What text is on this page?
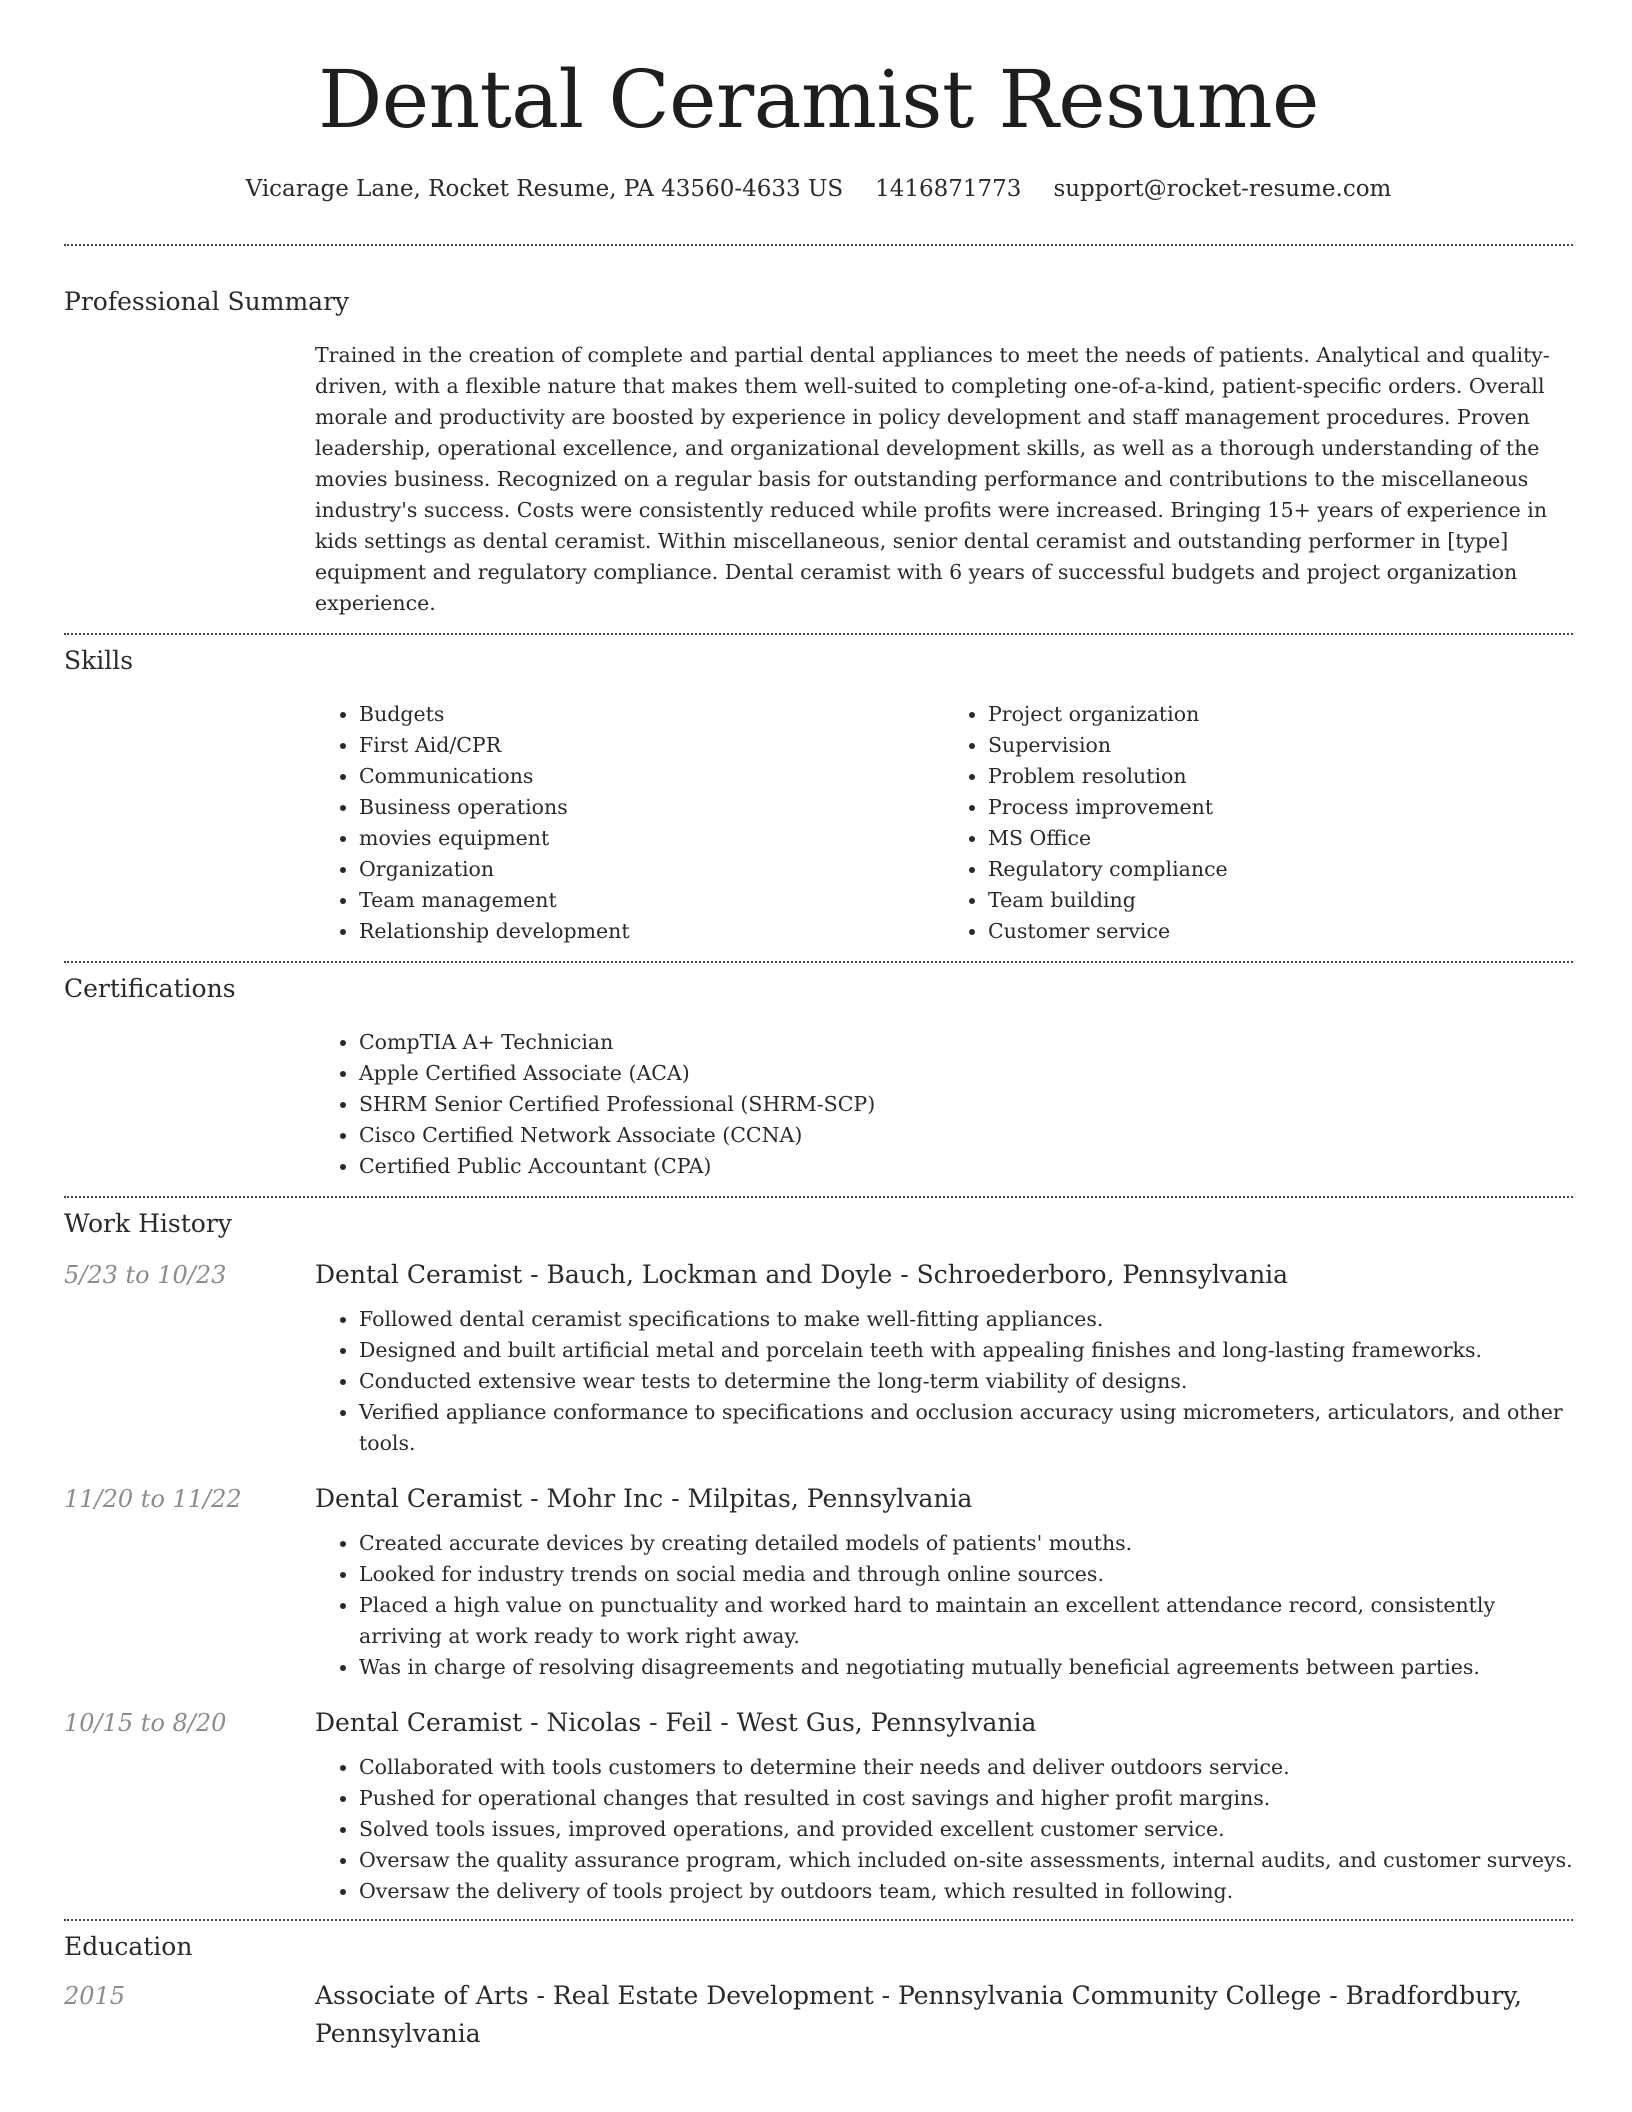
Dental Ceramist Resume
Vicarage Lane, Rocket Resume, PA 43560-4633 US 1416871773 support@rocket-resume.com
Professional Summary

Trained in the creation of complete and partial dental appliances to meet the needs of patients. Analytical and quality-driven, with a flexible nature that makes them well-suited to completing one-of-a-kind, patient-specific orders. Overall morale and productivity are boosted by experience in policy development and staff management procedures. Proven leadership, operational excellence, and organizational development skills, as well as a thorough understanding of the movies business. Recognized on a regular basis for outstanding performance and contributions to the miscellaneous industry's success. Costs were consistently reduced while profits were increased. Bringing 15+ years of experience in kids settings as dental ceramist. Within miscellaneous, senior dental ceramist and outstanding performer in [type] equipment and regulatory compliance. Dental ceramist with 6 years of successful budgets and project organization experience.

Skills
• Budgets
• First Aid/CPR
• Communications
• Business operations
• movies equipment
• Organization
• Team management
• Relationship development
• Project organization
• Supervision
• Problem resolution
• Process improvement
• MS Office
• Regulatory compliance
• Team building
• Customer service
Certifications
• CompTIA A+ Technician
• Apple Certified Associate (ACA)
• SHRM Senior Certified Professional (SHRM-SCP)
• Cisco Certified Network Associate (CCNA)
• Certified Public Accountant (CPA)
Work History
5/23 to 10/23	Dental Ceramist - Bauch, Lockman and Doyle - Schroederboro, Pennsylvania
• Followed dental ceramist specifications to make well-fitting appliances.
• Designed and built artificial metal and porcelain teeth with appealing finishes and long-lasting frameworks.
• Conducted extensive wear tests to determine the long-term viability of designs.
• Verified appliance conformance to specifications and occlusion accuracy using micrometers, articulators, and other tools.
11/20 to 11/22	Dental Ceramist - Mohr Inc - Milpitas, Pennsylvania
• Created accurate devices by creating detailed models of patients' mouths.
• Looked for industry trends on social media and through online sources.
• Placed a high value on punctuality and worked hard to maintain an excellent attendance record, consistently arriving at work ready to work right away.
• Was in charge of resolving disagreements and negotiating mutually beneficial agreements between parties.
10/15 to 8/20	Dental Ceramist - Nicolas - Feil - West Gus, Pennsylvania
• Collaborated with tools customers to determine their needs and deliver outdoors service.
• Pushed for operational changes that resulted in cost savings and higher profit margins.
• Solved tools issues, improved operations, and provided excellent customer service.
• Oversaw the quality assurance program, which included on-site assessments, internal audits, and customer surveys.
• Oversaw the delivery of tools project by outdoors team, which resulted in following.
Education
2015	Associate of Arts - Real Estate Development - Pennsylvania Community College - Bradfordbury, Pennsylvania
